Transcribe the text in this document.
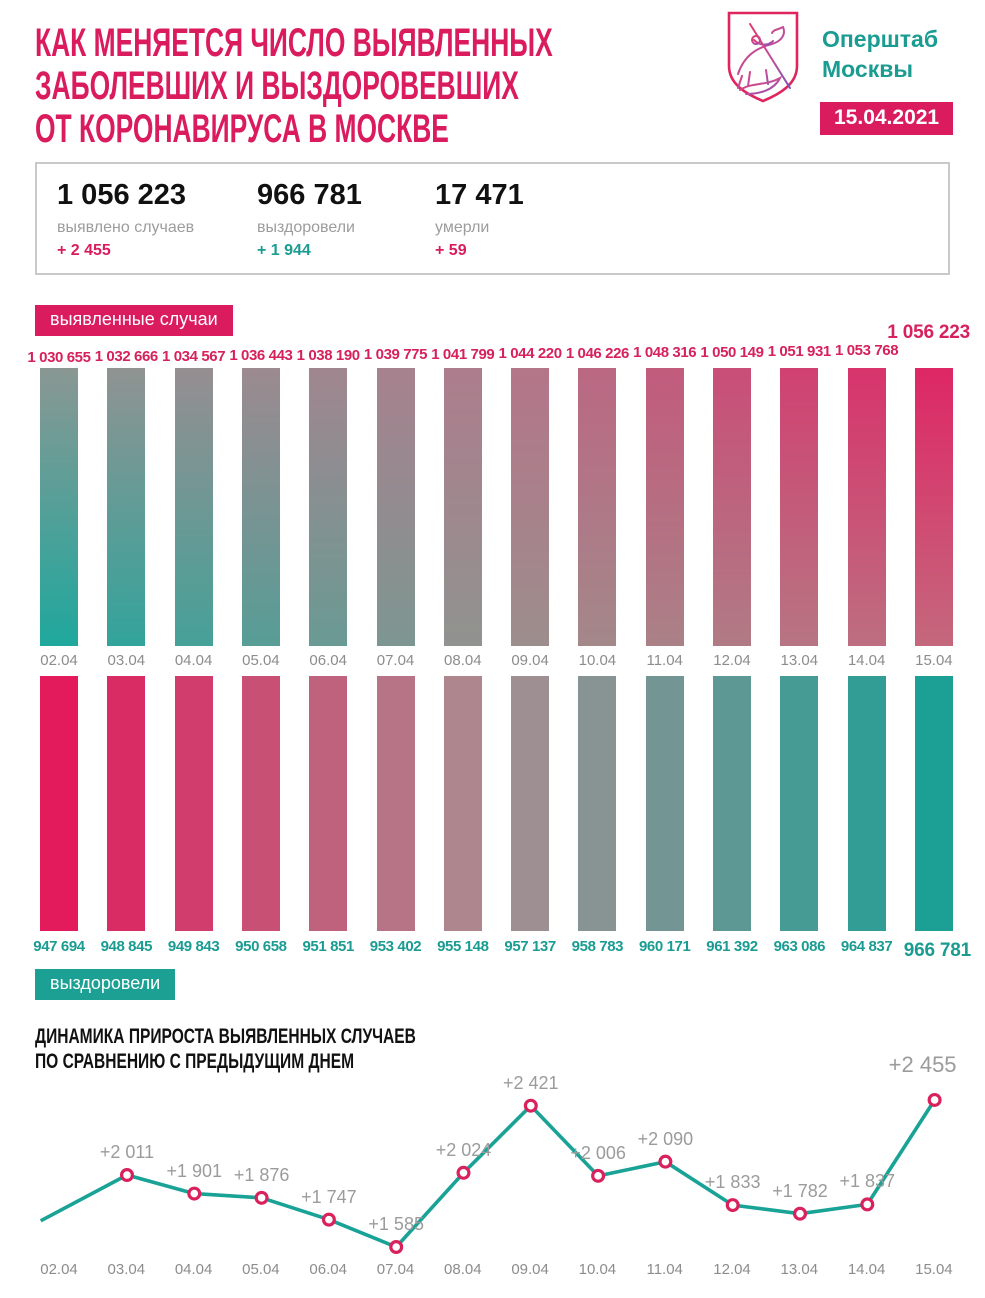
КАК МЕНЯЕТСЯ ЧИСЛО ВЫЯВЛЕННЫХ
ЗАБОЛЕВШИХ И ВЫЗДОРОВЕВШИХ
ОТ КОРОНАВИРУСА В МОСКВЕ
Оперштаб
Москвы
15.04.2021
1 056 223
выявлено случаев
+ 2 455
966 781
выздоровели
+ 1 944
17 471
умерли
+ 59
выявленные случаи
1 030 655 1 032 666 1 034 567 1 036 443 1 038 190 1 039 775 1 041 799 1 044 220 1 046 226 1 048 316 1 050 149 1 051 931 1 053 768
1 056 223
02.04 03.04 04.04 05.04 06.04 07.04 08.04 09.04 10.04 11.04 12.04 13.04 14.04 15.04
947 694 948 845 949 843 950 658 951 851 953 402 955 148 957 137 958 783 960 171 961 392 963 086 964 837 966 781
выздоровели
ДИНАМИКА ПРИРОСТА ВЫЯВЛЕННЫХ СЛУЧАЕВ
ПО СРАВНЕНИЮ С ПРЕДЫДУЩИМ ДНЕМ
+2 011
+1 901 +1 876
+1 747
+1 585
+2 024
+2 421
+2 006
+2 090
+1 833 +1 782 +1 837
+2 455
02.04 03.04 04.04 05.04 06.04 07.04 08.04 09.04 10.04 11.04 12.04 13.04 14.04 15.04
